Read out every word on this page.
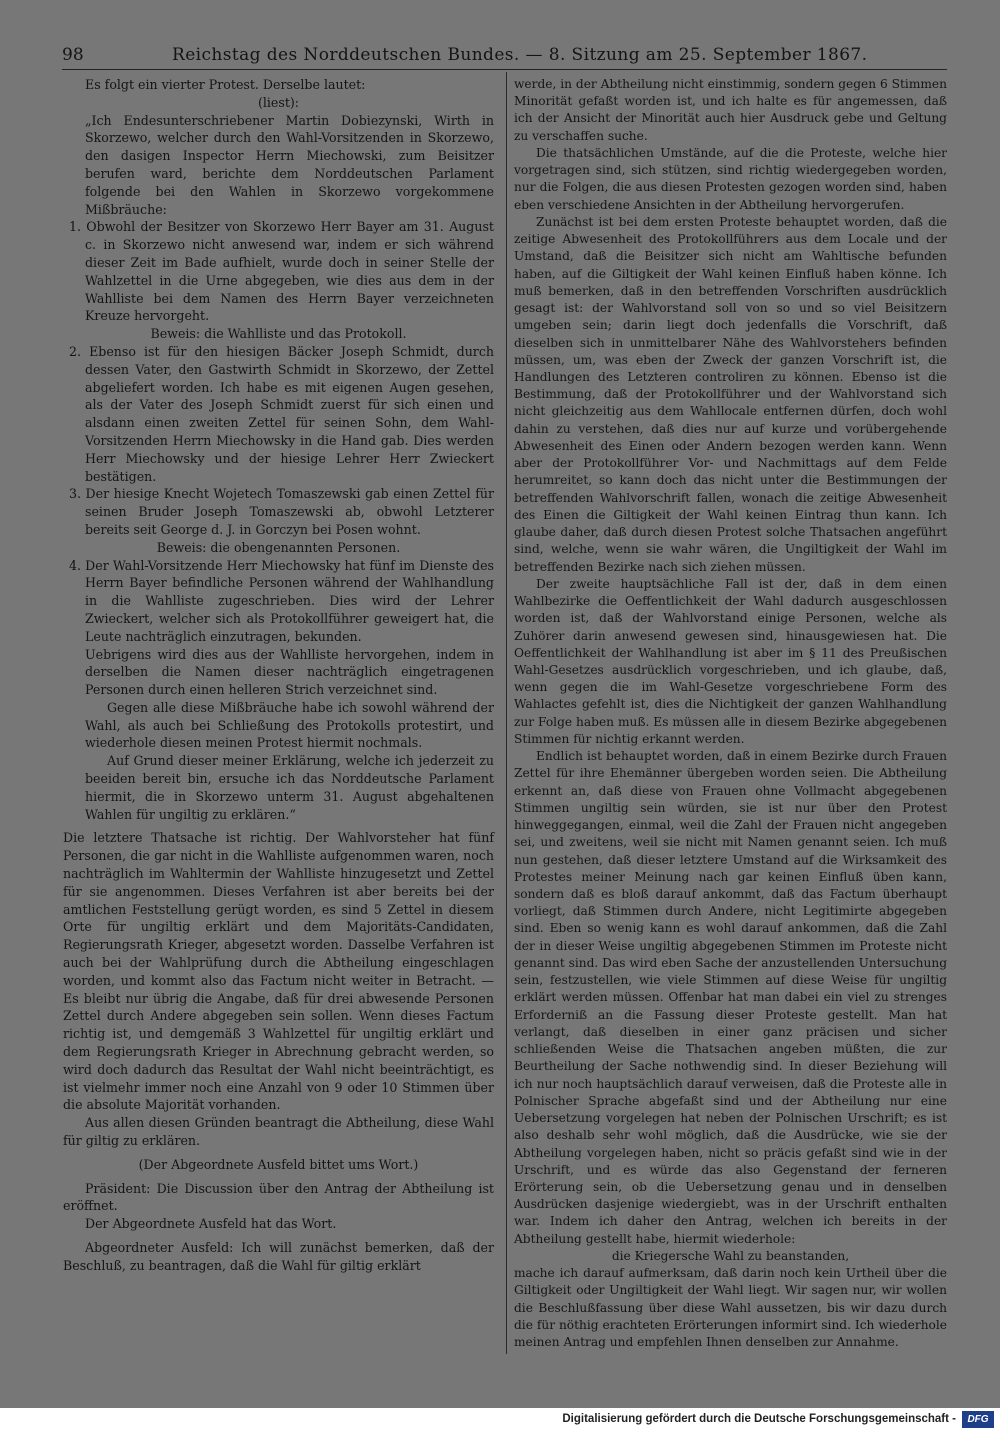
98	Reichstag des Norddeutschen Bundes. — 8. Sitzung am 25. September 1867.

Es folgt ein vierter Protest. Derselbe lautet:

(liest):

„Ich Endesunterschriebener Martin Dobiezynski, Wirth in Skorzewo, welcher durch den Wahl-Vorsitzenden in Skorzewo, den dasigen Inspector Herrn Miechowski, zum Beisitzer berufen ward, berichte dem Norddeutschen Parlament folgende bei den Wahlen in Skorzewo vorgekommene Mißbräuche:

1. Obwohl der Besitzer von Skorzewo Herr Bayer am 31. August c. in Skorzewo nicht anwesend war, indem er sich während dieser Zeit im Bade aufhielt, wurde doch in seiner Stelle der Wahlzettel in die Urne abgegeben, wie dies aus dem in der Wahlliste bei dem Namen des Herrn Bayer verzeichneten Kreuze hervorgeht.

Beweis: die Wahlliste und das Protokoll.

2. Ebenso ist für den hiesigen Bäcker Joseph Schmidt, durch dessen Vater, den Gastwirth Schmidt in Skorzewo, der Zettel abgeliefert worden. Ich habe es mit eigenen Augen gesehen, als der Vater des Joseph Schmidt zuerst für sich einen und alsdann einen zweiten Zettel für seinen Sohn, dem Wahl-Vorsitzenden Herrn Miechowsky in die Hand gab. Dies werden Herr Miechowsky und der hiesige Lehrer Herr Zwieckert bestätigen.

3. Der hiesige Knecht Wojetech Tomaszewski gab einen Zettel für seinen Bruder Joseph Tomaszewski ab, obwohl Letzterer bereits seit George d. J. in Gorczyn bei Posen wohnt.

Beweis: die obengenannten Personen.

4. Der Wahl-Vorsitzende Herr Miechowsky hat fünf im Dienste des Herrn Bayer befindliche Personen während der Wahlhandlung in die Wahlliste zugeschrieben. Dies wird der Lehrer Zwieckert, welcher sich als Protokollführer geweigert hat, die Leute nachträglich einzutragen, bekunden.

Uebrigens wird dies aus der Wahlliste hervorgehen, indem in derselben die Namen dieser nachträglich eingetragenen Personen durch einen helleren Strich verzeichnet sind.

Gegen alle diese Mißbräuche habe ich sowohl während der Wahl, als auch bei Schließung des Protokolls protestirt, und wiederhole diesen meinen Protest hiermit nochmals.

Auf Grund dieser meiner Erklärung, welche ich jederzeit zu beeiden bereit bin, ersuche ich das Norddeutsche Parlament hiermit, die in Skorzewo unterm 31. August abgehaltenen Wahlen für ungiltig zu erklären.“

Die letztere Thatsache ist richtig. Der Wahlvorsteher hat fünf Personen, die gar nicht in die Wahlliste aufgenommen waren, noch nachträglich im Wahltermin der Wahlliste hinzugesetzt und Zettel für sie angenommen. Dieses Verfahren ist aber bereits bei der amtlichen Feststellung gerügt worden, es sind 5 Zettel in diesem Orte für ungiltig erklärt und dem Majoritäts-Candidaten, Regierungsrath Krieger, abgesetzt worden. Dasselbe Verfahren ist auch bei der Wahlprüfung durch die Abtheilung eingeschlagen worden, und kommt also das Factum nicht weiter in Betracht. — Es bleibt nur übrig die Angabe, daß für drei abwesende Personen Zettel durch Andere abgegeben sein sollen. Wenn dieses Factum richtig ist, und demgemäß 3 Wahlzettel für ungiltig erklärt und dem Regierungsrath Krieger in Abrechnung gebracht werden, so wird doch dadurch das Resultat der Wahl nicht beeinträchtigt, es ist vielmehr immer noch eine Anzahl von 9 oder 10 Stimmen über die absolute Majorität vorhanden.

Aus allen diesen Gründen beantragt die Abtheilung, diese Wahl für giltig zu erklären.

(Der Abgeordnete Ausfeld bittet ums Wort.)

Präsident: Die Discussion über den Antrag der Abtheilung ist eröffnet.

Der Abgeordnete Ausfeld hat das Wort.

Abgeordneter Ausfeld: Ich will zunächst bemerken, daß der Beschluß, zu beantragen, daß die Wahl für giltig erklärt

werde, in der Abtheilung nicht einstimmig, sondern gegen 6 Stimmen Minorität gefaßt worden ist, und ich halte es für angemessen, daß ich der Ansicht der Minorität auch hier Ausdruck gebe und Geltung zu verschaffen suche.

Die thatsächlichen Umstände, auf die die Proteste, welche hier vorgetragen sind, sich stützen, sind richtig wiedergegeben worden, nur die Folgen, die aus diesen Protesten gezogen worden sind, haben eben verschiedene Ansichten in der Abtheilung hervorgerufen.

Zunächst ist bei dem ersten Proteste behauptet worden, daß die zeitige Abwesenheit des Protokollführers aus dem Locale und der Umstand, daß die Beisitzer sich nicht am Wahltische befunden haben, auf die Giltigkeit der Wahl keinen Einfluß haben könne. Ich muß bemerken, daß in den betreffenden Vorschriften ausdrücklich gesagt ist: der Wahlvorstand soll von so und so viel Beisitzern umgeben sein; darin liegt doch jedenfalls die Vorschrift, daß dieselben sich in unmittelbarer Nähe des Wahlvorstehers befinden müssen, um, was eben der Zweck der ganzen Vorschrift ist, die Handlungen des Letzteren controliren zu können. Ebenso ist die Bestimmung, daß der Protokollführer und der Wahlvorstand sich nicht gleichzeitig aus dem Wahllocale entfernen dürfen, doch wohl dahin zu verstehen, daß dies nur auf kurze und vorübergehende Abwesenheit des Einen oder Andern bezogen werden kann. Wenn aber der Protokollführer Vor- und Nachmittags auf dem Felde herumreitet, so kann doch das nicht unter die Bestimmungen der betreffenden Wahlvorschrift fallen, wonach die zeitige Abwesenheit des Einen die Giltigkeit der Wahl keinen Eintrag thun kann. Ich glaube daher, daß durch diesen Protest solche Thatsachen angeführt sind, welche, wenn sie wahr wären, die Ungiltigkeit der Wahl im betreffenden Bezirke nach sich ziehen müssen.

Der zweite hauptsächliche Fall ist der, daß in dem einen Wahlbezirke die Oeffentlichkeit der Wahl dadurch ausgeschlossen worden ist, daß der Wahlvorstand einige Personen, welche als Zuhörer darin anwesend gewesen sind, hinausgewiesen hat. Die Oeffentlichkeit der Wahlhandlung ist aber im § 11 des Preußischen Wahl-Gesetzes ausdrücklich vorgeschrieben, und ich glaube, daß, wenn gegen die im Wahl-Gesetze vorgeschriebene Form des Wahlactes gefehlt ist, dies die Nichtigkeit der ganzen Wahlhandlung zur Folge haben muß. Es müssen alle in diesem Bezirke abgegebenen Stimmen für nichtig erkannt werden.

Endlich ist behauptet worden, daß in einem Bezirke durch Frauen Zettel für ihre Ehemänner übergeben worden seien. Die Abtheilung erkennt an, daß diese von Frauen ohne Vollmacht abgegebenen Stimmen ungiltig sein würden, sie ist nur über den Protest hinweggegangen, einmal, weil die Zahl der Frauen nicht angegeben sei, und zweitens, weil sie nicht mit Namen genannt seien. Ich muß nun gestehen, daß dieser letztere Umstand auf die Wirksamkeit des Protestes meiner Meinung nach gar keinen Einfluß üben kann, sondern daß es bloß darauf ankommt, daß das Factum überhaupt vorliegt, daß Stimmen durch Andere, nicht Legitimirte abgegeben sind. Eben so wenig kann es wohl darauf ankommen, daß die Zahl der in dieser Weise ungiltig abgegebenen Stimmen im Proteste nicht genannt sind. Das wird eben Sache der anzustellenden Untersuchung sein, festzustellen, wie viele Stimmen auf diese Weise für ungiltig erklärt werden müssen. Offenbar hat man dabei ein viel zu strenges Erforderniß an die Fassung dieser Proteste gestellt. Man hat verlangt, daß dieselben in einer ganz präcisen und sicher schließenden Weise die Thatsachen angeben müßten, die zur Beurtheilung der Sache nothwendig sind. In dieser Beziehung will ich nur noch hauptsächlich darauf verweisen, daß die Proteste alle in Polnischer Sprache abgefaßt sind und der Abtheilung nur eine Uebersetzung vorgelegen hat neben der Polnischen Urschrift; es ist also deshalb sehr wohl möglich, daß die Ausdrücke, wie sie der Abtheilung vorgelegen haben, nicht so präcis gefaßt sind wie in der Urschrift, und es würde das also Gegenstand der ferneren Erörterung sein, ob die Uebersetzung genau und in denselben Ausdrücken dasjenige wiedergiebt, was in der Urschrift enthalten war. Indem ich daher den Antrag, welchen ich bereits in der Abtheilung gestellt habe, hiermit wiederhole:

die Kriegersche Wahl zu beanstanden,

mache ich darauf aufmerksam, daß darin noch kein Urtheil über die Giltigkeit oder Ungiltigkeit der Wahl liegt. Wir sagen nur, wir wollen die Beschlußfassung über diese Wahl aussetzen, bis wir dazu durch die für nöthig erachteten Erörterungen informirt sind. Ich wiederhole meinen Antrag und empfehlen Ihnen denselben zur Annahme.

Digitalisierung gefördert durch die Deutsche Forschungsgemeinschaft -	DFG
